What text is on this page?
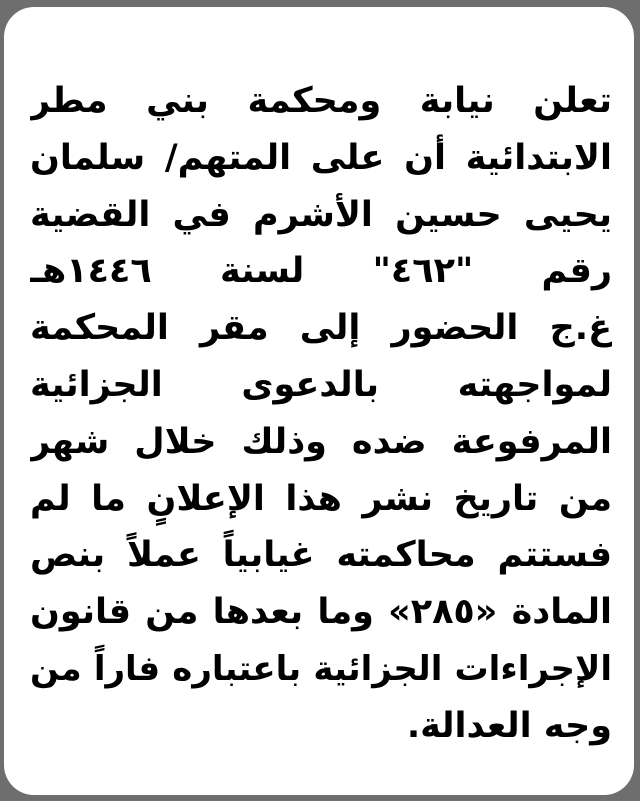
تعلن نيابة ومحكمة بني مطر
الابتدائية أن على المتهم/ سلمان
يحيى حسين الأشرم في القضية
رقم "٤٦٢" لسنة ١٤٤٦هـ
غ.ج الحضور إلى مقر المحكمة
لمواجهته بالدعوى الجزائية
المرفوعة ضده وذلك خلال شهر
من تاريخ نشر هذا الإعلانٍ ما لم
فستتم محاكمته غيابياً عملاً بنص
المادة «٢٨٥» وما بعدها من قانون
الإجراءات الجزائية باعتباره فاراً من
وجه العدالة.
